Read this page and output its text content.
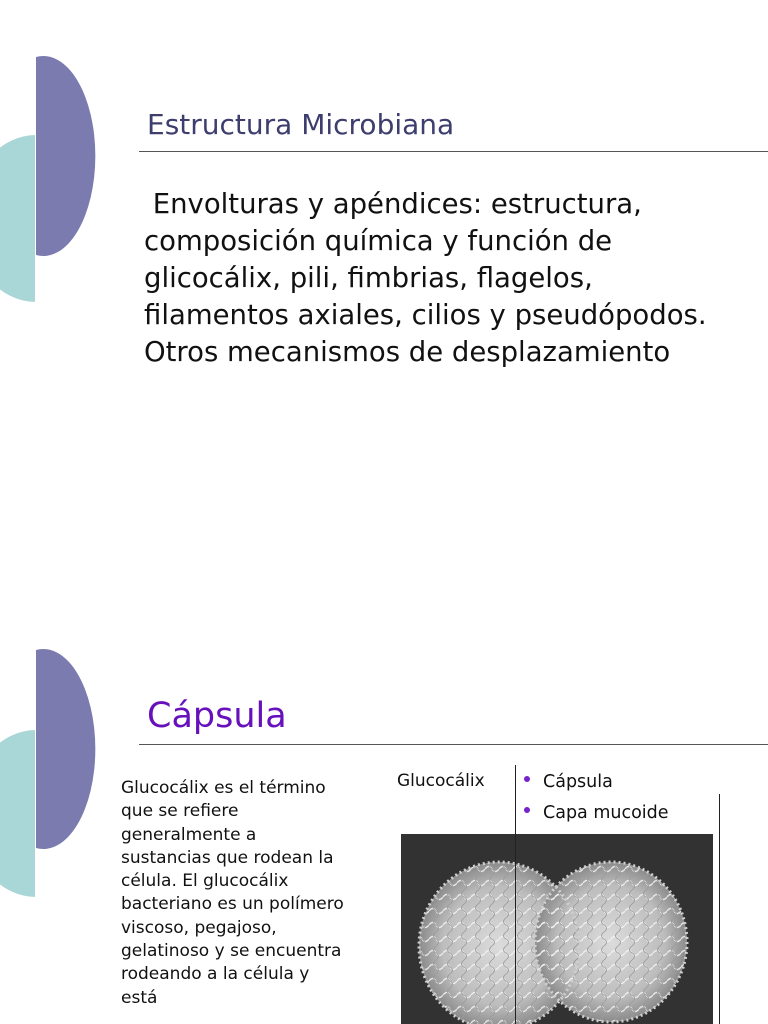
Estructura Microbiana

Envolturas y apéndices: estructura, composición química y función de glicocálix, pili, fimbrias, flagelos, filamentos axiales, cilios y pseudópodos. Otros mecanismos de desplazamiento

Cápsula

Glucocálix es el término que se refiere generalmente a sustancias que rodean la célula. El glucocálix bacteriano es un polímero viscoso, pegajoso, gelatinoso y se encuentra rodeando a la célula y está

Glucocálix	Cápsula
Capa mucoide
